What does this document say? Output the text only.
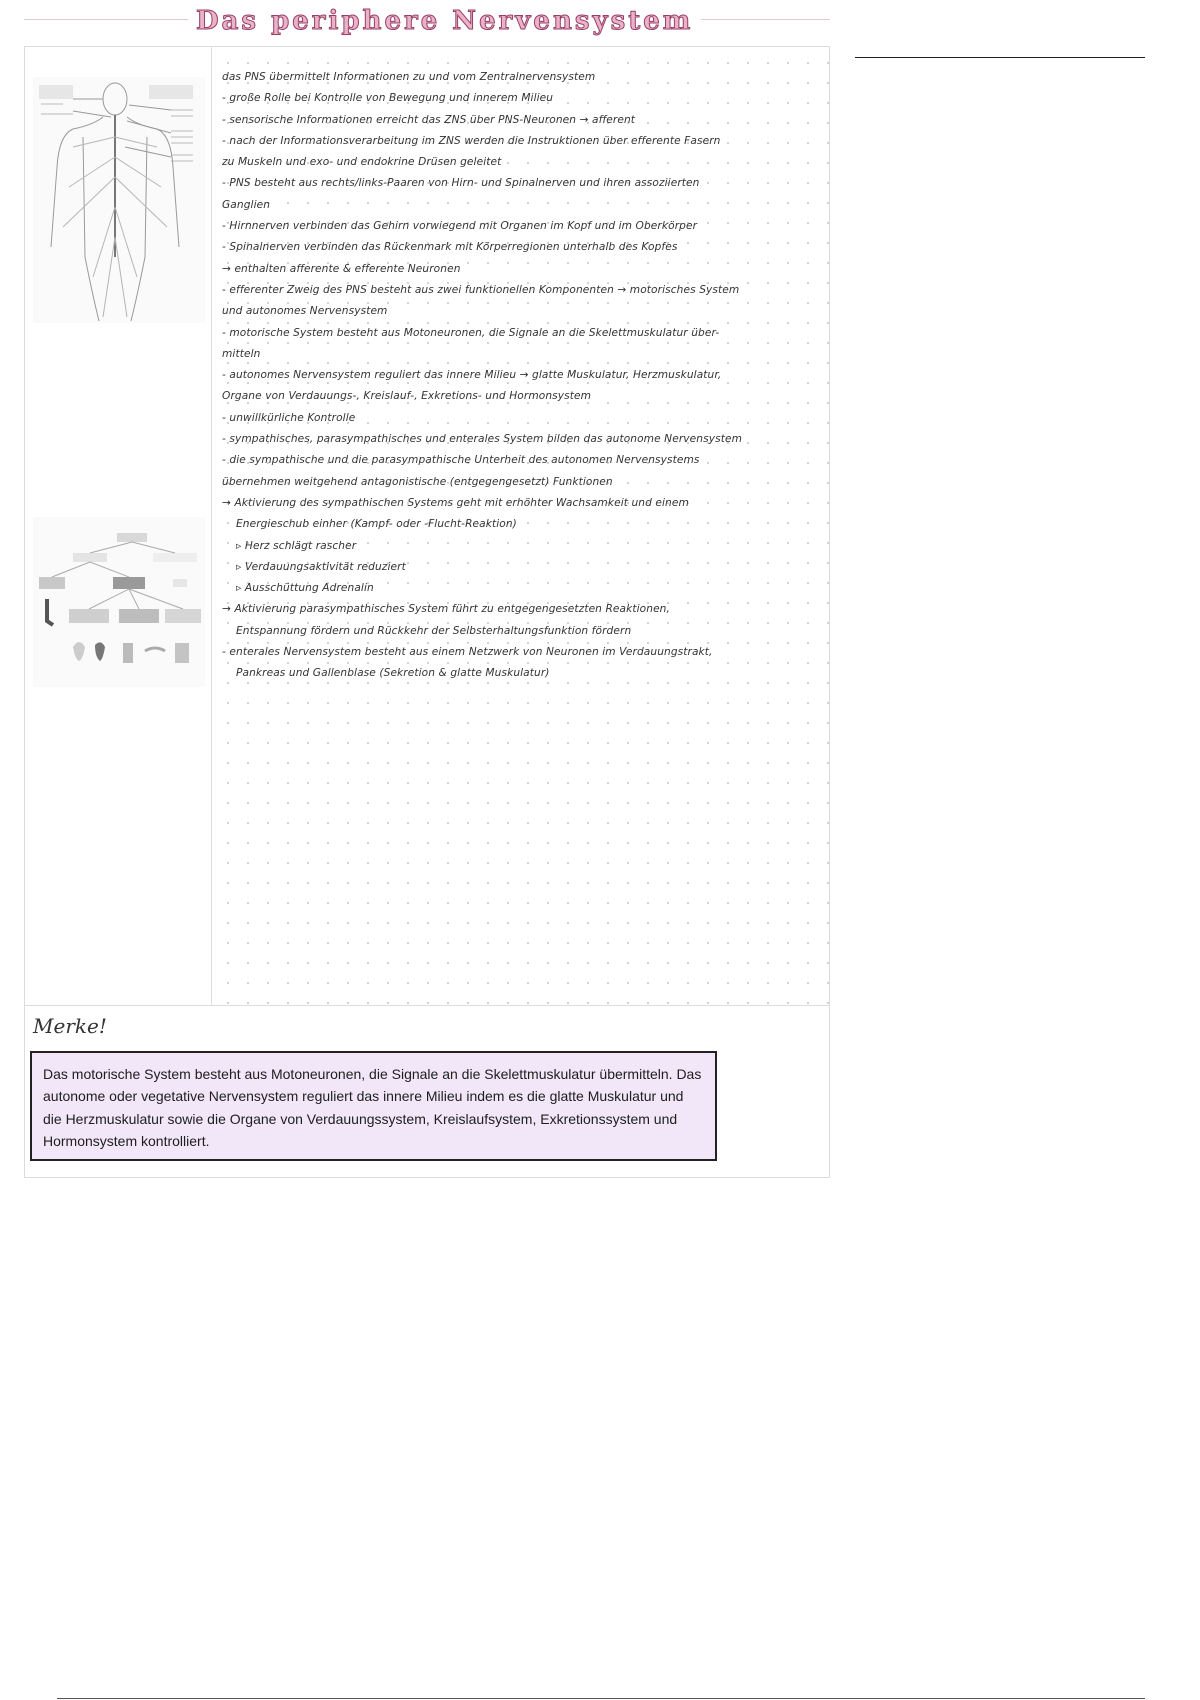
Das periphere Nervensystem
das PNS übermittelt Informationen zu und vom Zentralnervensystem
- große Rolle bei Kontrolle von Bewegung und innerem Milieu
- sensorische Informationen erreicht das ZNS über PNS-Neuronen → afferent
- nach der Informationsverarbeitung im ZNS werden die Instruktionen über efferente Fasern
zu Muskeln und exo- und endokrine Drüsen geleitet
- PNS besteht aus rechts/links-Paaren von Hirn- und Spinalnerven und ihren assoziierten
Ganglien
- Hirnnerven verbinden das Gehirn vorwiegend mit Organen im Kopf und im Oberkörper
- Spinalnerven verbinden das Rückenmark mit Körperregionen unterhalb des Kopfes
→ enthalten afferente & efferente Neuronen
- efferenter Zweig des PNS besteht aus zwei funktionellen Komponenten → motorisches System
und autonomes Nervensystem
- motorische System besteht aus Motoneuronen, die Signale an die Skelettmuskulatur über-
mitteln
- autonomes Nervensystem reguliert das innere Milieu → glatte Muskulatur, Herzmuskulatur,
Organe von Verdauungs-, Kreislauf-, Exkretions- und Hormonsystem
- unwillkürliche Kontrolle
- sympathisches, parasympathisches und enterales System bilden das autonome Nervensystem
- die sympathische und die parasympathische Unterheit des autonomen Nervensystems
übernehmen weitgehend antagonistische (entgegengesetzt) Funktionen
→ Aktivierung des sympathischen Systems geht mit erhöhter Wachsamkeit und einem
Energieschub einher (Kampf- oder -Flucht-Reaktion)
▹ Herz schlägt rascher
▹ Verdauungsaktivität reduziert
▹ Ausschüttung Adrenalin
→ Aktivierung parasympathisches System führt zu entgegengesetzten Reaktionen,
Entspannung fördern und Rückkehr der Selbsterhaltungsfunktion fördern
- enterales Nervensystem besteht aus einem Netzwerk von Neuronen im Verdauungstrakt,
Pankreas und Gallenblase (Sekretion & glatte Muskulatur)
Merke!
Das motorische System besteht aus Motoneuronen, die Signale an die Skelettmuskulatur übermitteln. Das autonome oder vegetative Nervensystem reguliert das innere Milieu indem es die glatte Muskulatur und die Herzmuskulatur sowie die Organe von Verdauungssystem, Kreislaufsystem, Exkretionssystem und Hormonsystem kontrolliert.
